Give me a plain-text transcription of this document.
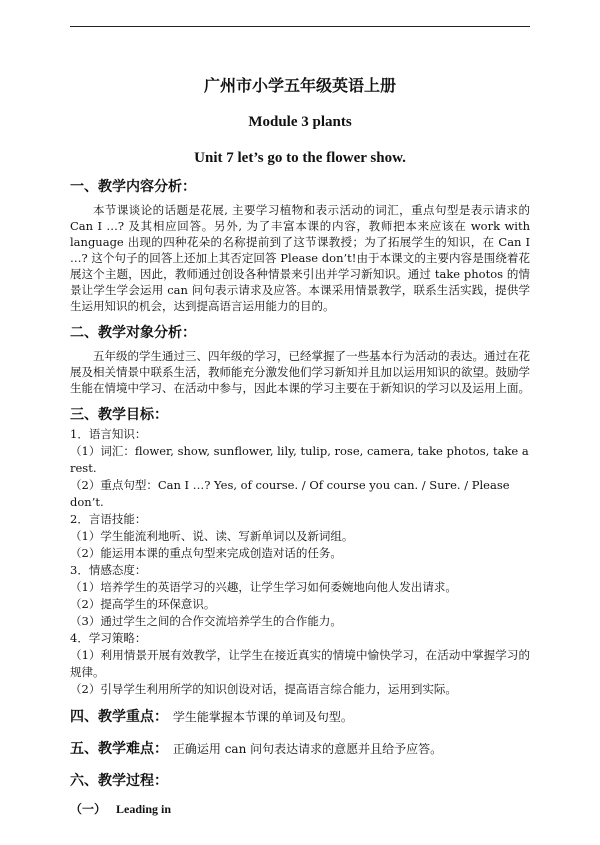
广州市小学五年级英语上册
Module 3 plants
Unit 7 let’s go to the flower show.
一、教学内容分析：
本节课谈论的话题是花展, 主要学习植物和表示活动的词汇，重点句型是表示请求的 Can I …? 及其相应回答。另外, 为了丰富本课的内容，教师把本来应该在 work with language 出现的四种花朵的名称提前到了这节课教授；为了拓展学生的知识，在 Can I …? 这个句子的回答上还加上其否定回答 Please don’t!由于本课文的主要内容是围绕着花展这个主题，因此，教师通过创设各种情景来引出并学习新知识。通过 take photos 的情景让学生学会运用 can 问句表示请求及应答。本课采用情景教学，联系生活实践，提供学生运用知识的机会，达到提高语言运用能力的目的。
二、教学对象分析：
五年级的学生通过三、四年级的学习，已经掌握了一些基本行为活动的表达。通过在花展及相关情景中联系生活，教师能充分激发他们学习新知并且加以运用知识的欲望。鼓励学生能在情境中学习、在活动中参与，因此本课的学习主要在于新知识的学习以及运用上面。
三、教学目标：
1．语言知识：
（1）词汇：flower, show, sunflower, lily, tulip, rose, camera, take photos, take a rest.
（2）重点句型：Can I …? Yes, of course. / Of course you can. / Sure. / Please don’t.
2．言语技能：
（1）学生能流利地听、说、读、写新单词以及新词组。
（2）能运用本课的重点句型来完成创造对话的任务。
3．情感态度：
（1）培养学生的英语学习的兴趣，让学生学习如何委婉地向他人发出请求。
（2）提高学生的环保意识。
（3）通过学生之间的合作交流培养学生的合作能力。
4．学习策略：
（1）利用情景开展有效教学，让学生在接近真实的情境中愉快学习，在活动中掌握学习的规律。
（2）引导学生利用所学的知识创设对话，提高语言综合能力，运用到实际。
四、教学重点： 学生能掌握本节课的单词及句型。
五、教学难点： 正确运用 can 问句表达请求的意愿并且给予应答。
六、教学过程：
（一） Leading in
